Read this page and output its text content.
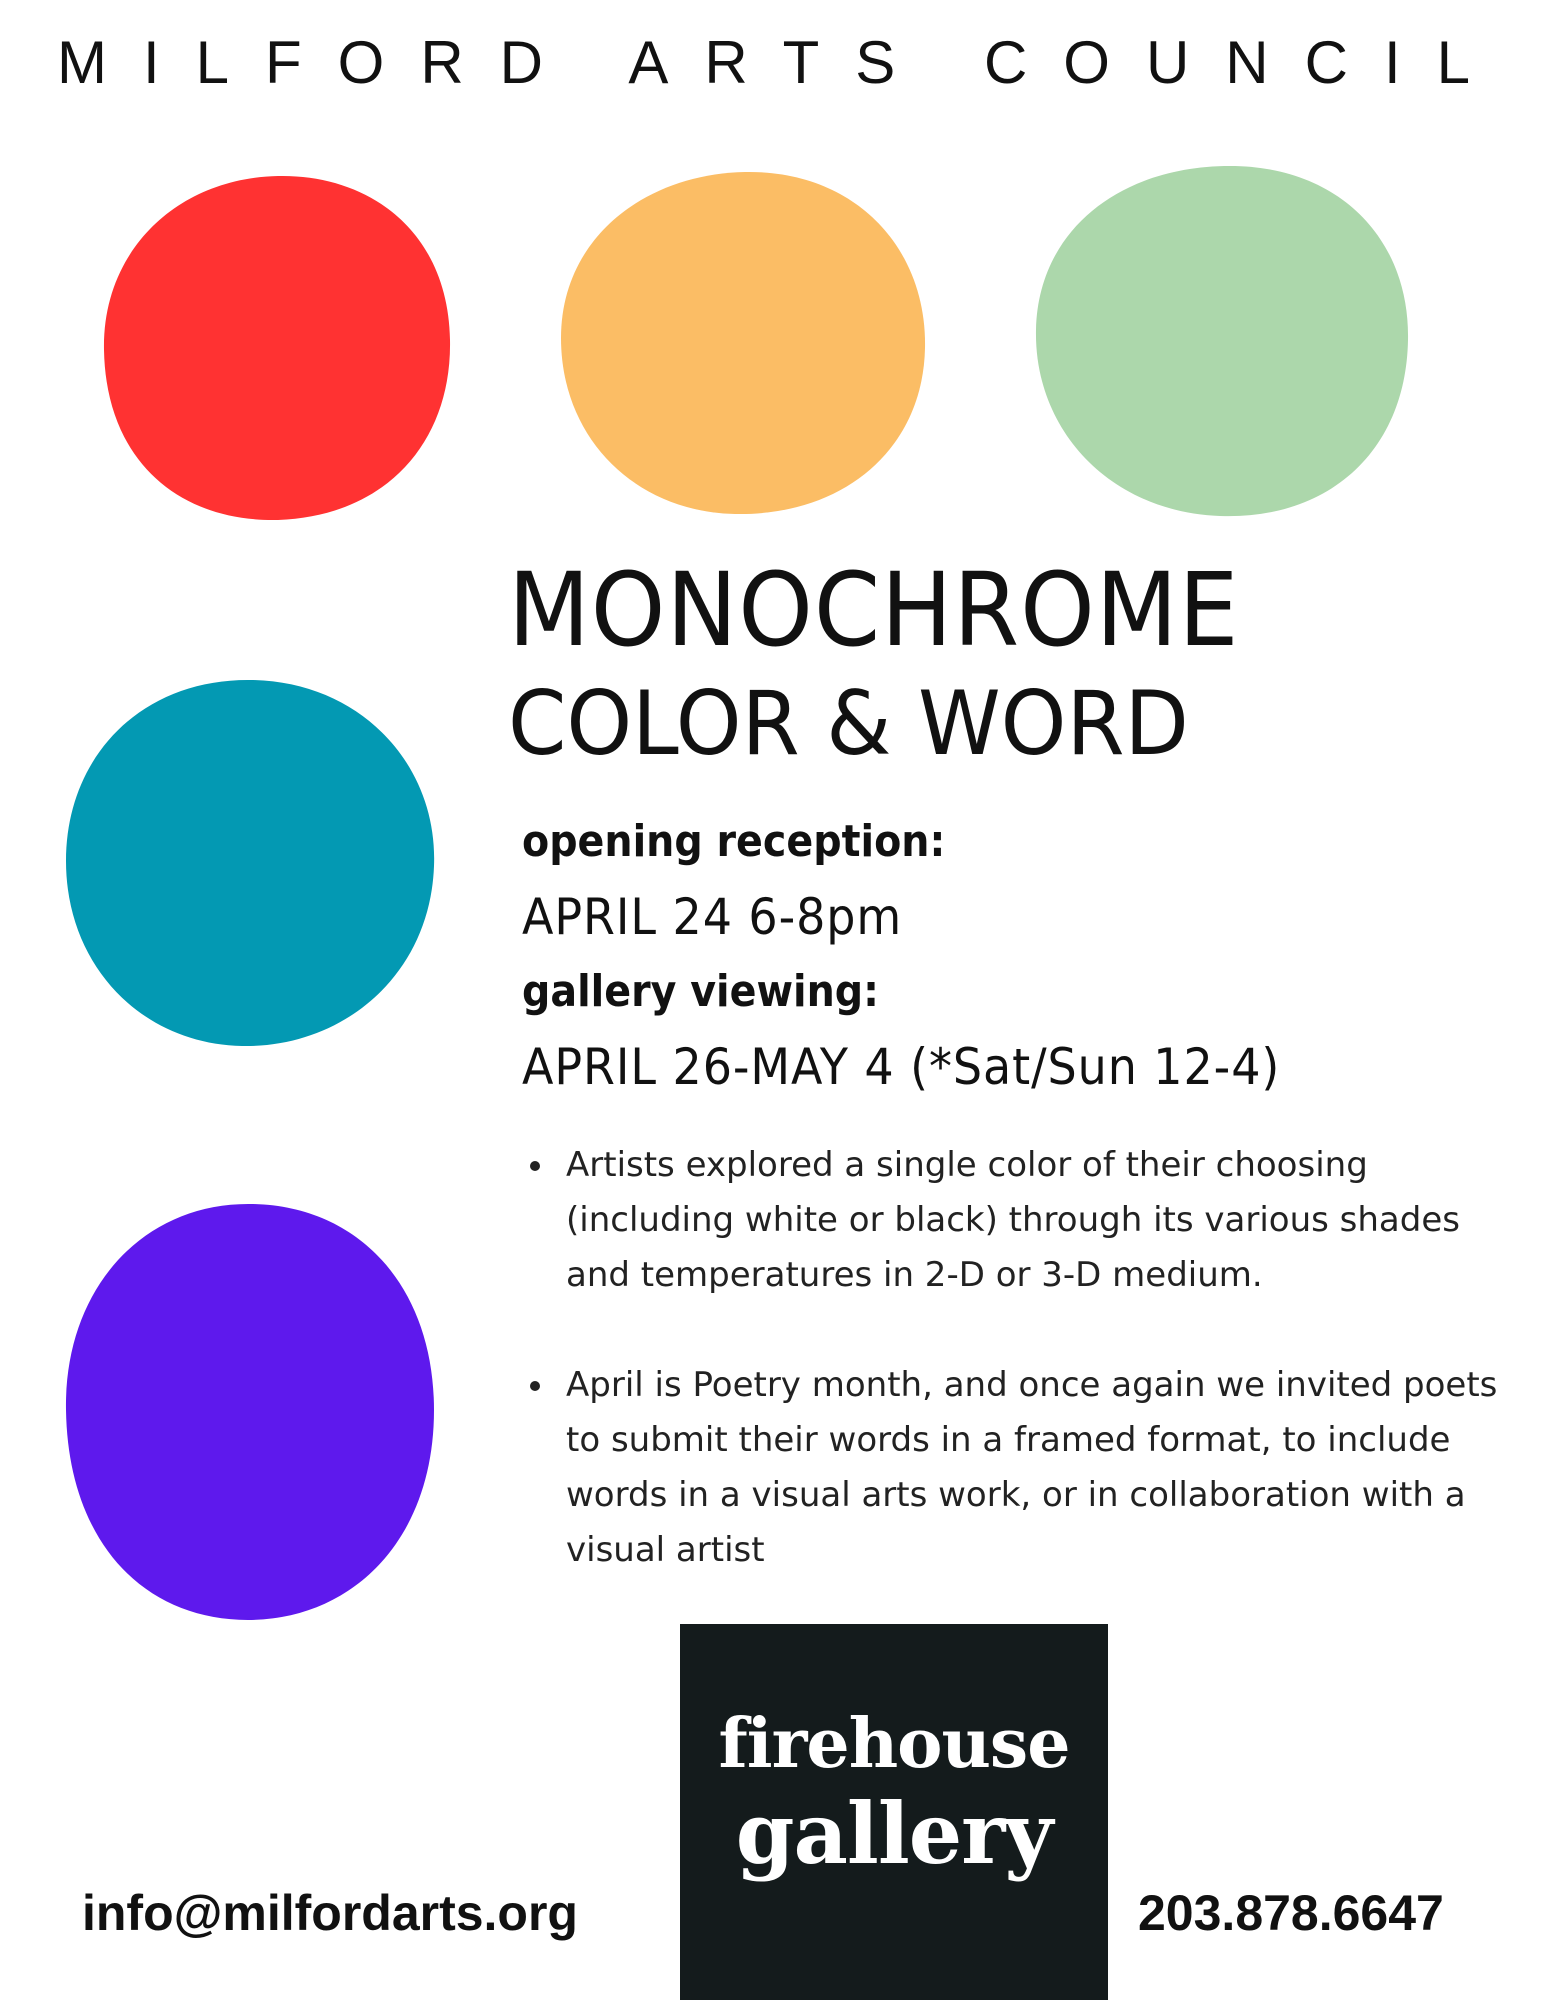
MILFORD ARTS COUNCIL
MONOCHROME
COLOR & WORD
opening reception:
APRIL 24 6-8pm
gallery viewing:
APRIL 26-MAY 4 (*Sat/Sun 12-4)
Artists explored a single color of their choosing (including white or black) through its various shades and temperatures in 2-D or 3-D medium.
April is Poetry month, and once again we invited poets to submit their words in a framed format, to include words in a visual arts work, or in collaboration with a visual artist
firehouse
gallery
info@milfordarts.org	203.878.6647
